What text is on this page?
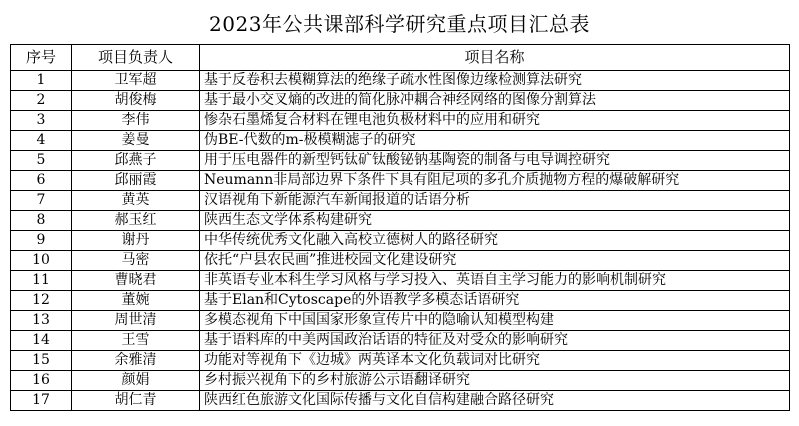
2023年公共课部科学研究重点项目汇总表
序号	项目负责人	项目名称
1	卫军超	基于反卷积去模糊算法的绝缘子疏水性图像边缘检测算法研究
2	胡俊梅	基于最小交叉熵的改进的简化脉冲耦合神经网络的图像分割算法
3	李伟	惨杂石墨烯复合材料在锂电池负极材料中的应用和研究
4	姜曼	伪BE-代数的m-极模糊滤子的研究
5	邱燕子	用于压电器件的新型钙钛矿钛酸铋钠基陶瓷的制备与电导调控研究
6	邱丽霞	Neumann非局部边界下条件下具有阻尼项的多孔介质抛物方程的爆破解研究
7	黄英	汉语视角下新能源汽车新闻报道的话语分析
8	郝玉红	陕西生态文学体系构建研究
9	谢丹	中华传统优秀文化融入高校立德树人的路径研究
10	马密	依托“户县农民画”推进校园文化建设研究
11	曹晓君	非英语专业本科生学习风格与学习投入、英语自主学习能力的影响机制研究
12	董婉	基于Elan和Cytoscape的外语教学多模态话语研究
13	周世清	多模态视角下中国国家形象宣传片中的隐喻认知模型构建
14	王雪	基于语料库的中美两国政治话语的特征及对受众的影响研究
15	余雅清	功能对等视角下《边城》两英译本文化负载词对比研究
16	颜娟	乡村振兴视角下的乡村旅游公示语翻译研究
17	胡仁青	陕西红色旅游文化国际传播与文化自信构建融合路径研究
